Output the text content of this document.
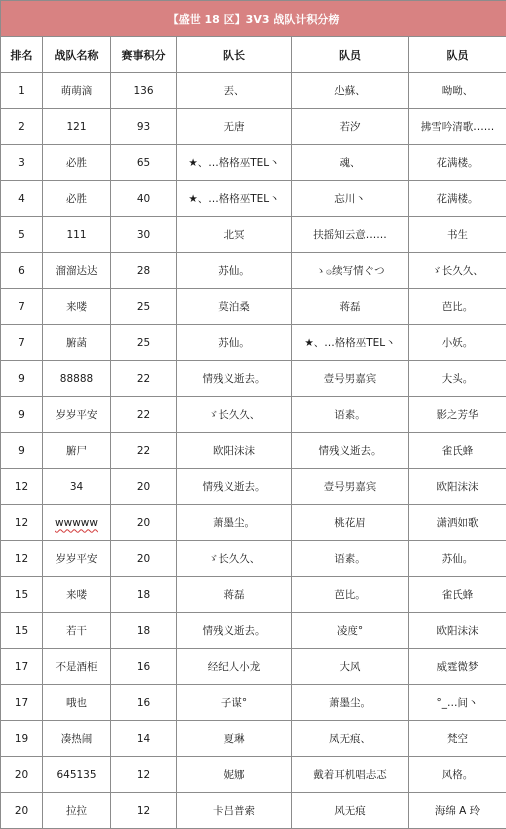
【盛世 18 区】3V3 战队计积分榜					
排名	战队名称	赛事积分	队长	队员	队员
1	萌萌滴	136	丟、	尐蘇、	呦呦、
2	121	93	无唐	若汐	拂雪吟清歌……
3	必胜	65	★、…格格巫TEL丶	魂、	花满楼。
4	必胜	40	★、…格格巫TEL丶	忘川丶	花满楼。
5	111	30	北冥	扶摇知云意……	书生
6	溜溜达达	28	苏仙。	ゝ۞续写情ぐつ	ゞ长久久、
7	来喽	25	莫泊桑	蒋磊	芭比。
7	腑菡	25	苏仙。	★、…格格巫TEL丶	小妖。
9	88888	22	情残义逝去。	壹号男嘉宾	大头。
9	岁岁平安	22	ゞ长久久、	语素。	影之芳华
9	腑尸	22	欧阳沫沫	情残义逝去。	雀氏蜂
12	34	20	情残义逝去。	壹号男嘉宾	欧阳沫沫
12	wwwww	20	萧墨尘。	桃花眉	潇洒如歌
12	岁岁平安	20	ゞ长久久、	语素。	苏仙。
15	来喽	18	蒋磊	芭比。	雀氏蜂
15	若干	18	情残义逝去。	凌度°	欧阳沫沫
17	不是酒柜	16	经纪人小龙	大风	威霆微梦
17	哦也	16	子谋°	萧墨尘。	°_…间丶
19	凑热闹	14	夏琳	凤无痕、	梵空
20	645135	12	妮娜	戴着耳机唱忐忑	风格。
20	拉拉	12	卡吕普索	风无痕	海绵 A 玲
